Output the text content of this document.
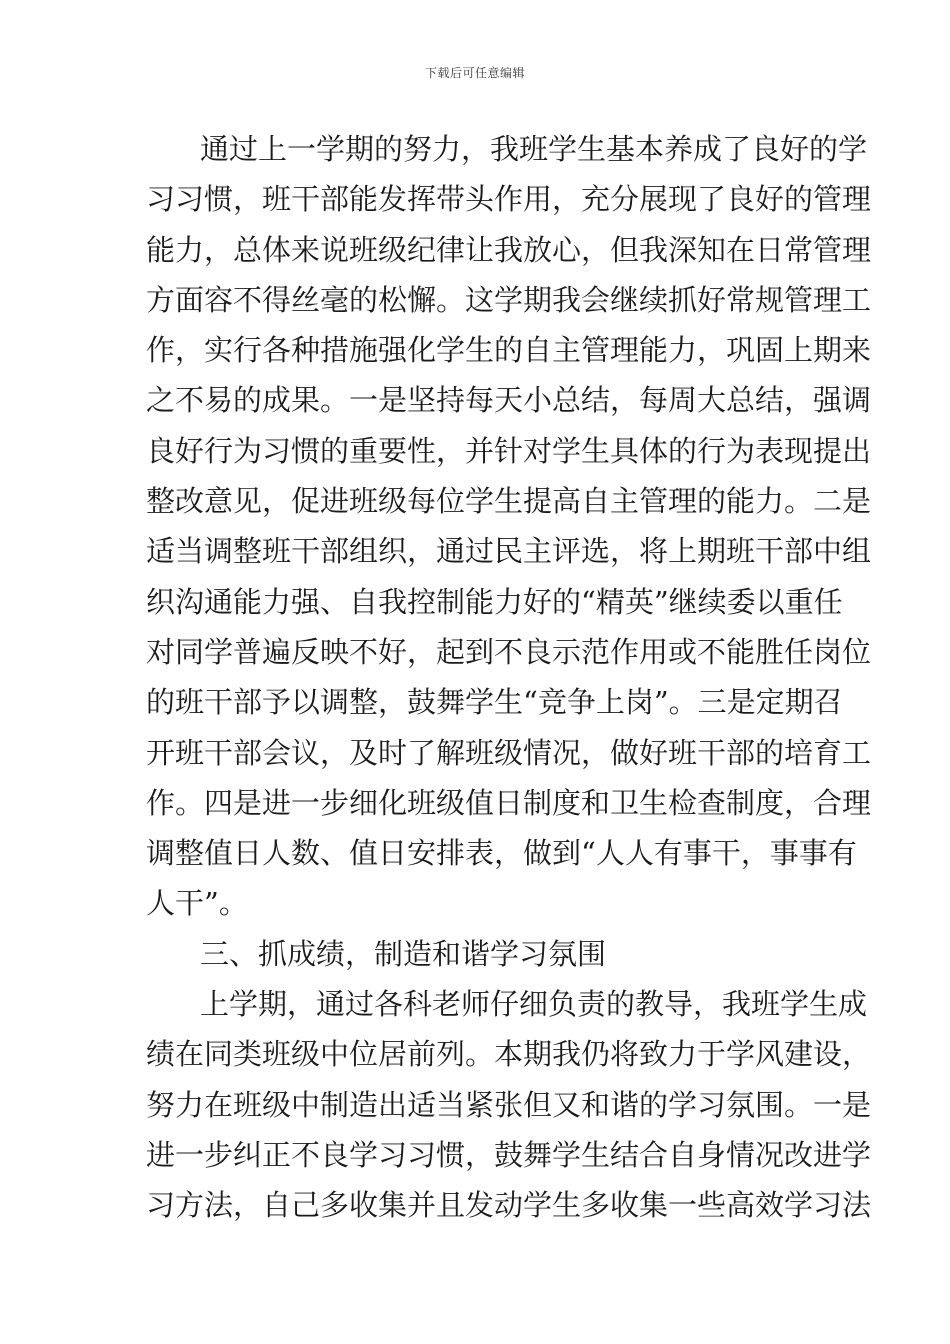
下载后可任意编辑
通过上一学期的努力，我班学生基本养成了良好的学
习习惯，班干部能发挥带头作用，充分展现了良好的管理
能力，总体来说班级纪律让我放心，但我深知在日常管理
方面容不得丝毫的松懈。这学期我会继续抓好常规管理工
作，实行各种措施强化学生的自主管理能力，巩固上期来
之不易的成果。一是坚持每天小总结，每周大总结，强调
良好行为习惯的重要性，并针对学生具体的行为表现提出
整改意见，促进班级每位学生提高自主管理的能力。二是
适当调整班干部组织，通过民主评选，将上期班干部中组
织沟通能力强、自我控制能力好的“精英”继续委以重任
对同学普遍反映不好，起到不良示范作用或不能胜任岗位
的班干部予以调整，鼓舞学生“竞争上岗”。三是定期召
开班干部会议，及时了解班级情况，做好班干部的培育工
作。四是进一步细化班级值日制度和卫生检查制度，合理
调整值日人数、值日安排表，做到“人人有事干，事事有
人干”。
三、抓成绩，制造和谐学习氛围
上学期，通过各科老师仔细负责的教导，我班学生成
绩在同类班级中位居前列。本期我仍将致力于学风建设，
努力在班级中制造出适当紧张但又和谐的学习氛围。一是
进一步纠正不良学习习惯，鼓舞学生结合自身情况改进学
习方法，自己多收集并且发动学生多收集一些高效学习法
